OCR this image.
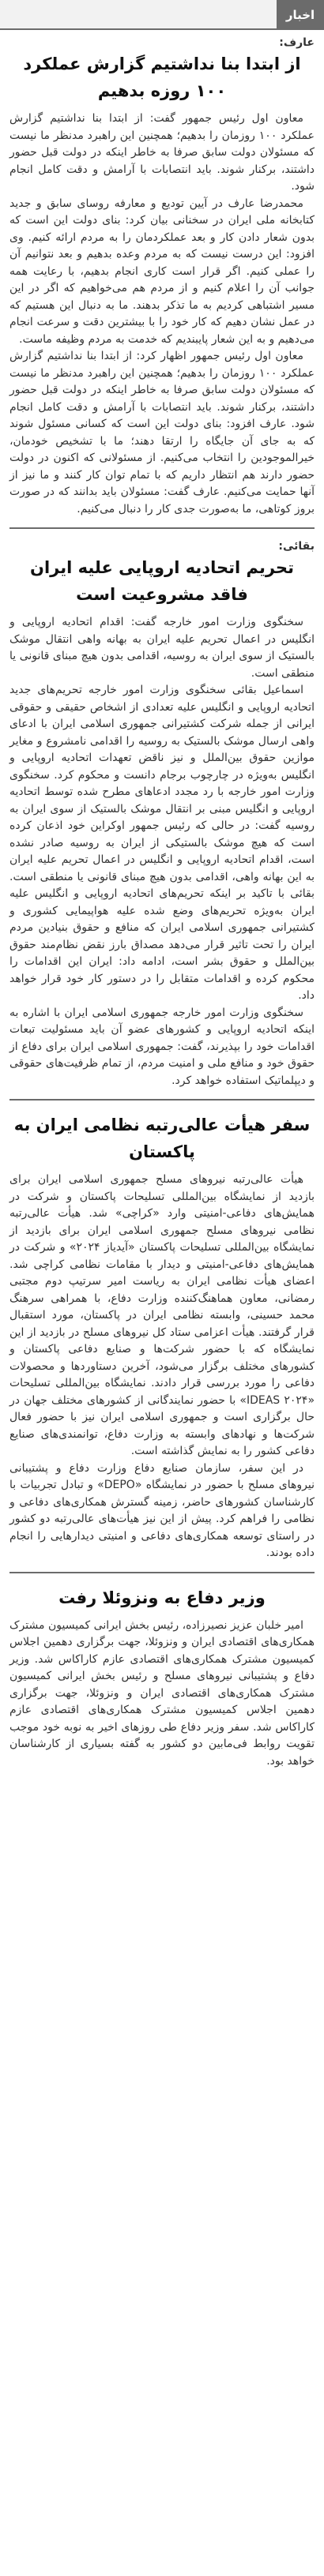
اخبار
عارف:
از ابتدا بنا نداشتیم گزارش عملکرد ۱۰۰ روزه بدهیم

معاون اول رئیس جمهور گفت: از ابتدا بنا نداشتیم گزارش عملکرد ۱۰۰ روزمان را بدهیم؛ همچنین این راهبرد مدنظر ما نیست که مسئولان دولت سابق صرفا به خاطر اینکه در دولت قبل حضور داشتند، برکنار شوند. باید انتصابات با آرامش و دقت کامل انجام شود.

محمدرضا عارف در آیین تودیع و معارفه روسای سابق و جدید کتابخانه ملی ایران در سخنانی بیان کرد: بنای دولت این است که بدون شعار دادن کار و بعد عملکردمان را به مردم ارائه کنیم. وی افزود: این درست نیست که به مردم وعده بدهیم و بعد نتوانیم آن را عملی کنیم. اگر قرار است کاری انجام بدهیم، با رعایت همه جوانب آن را اعلام کنیم و از مردم هم می‌خواهیم که اگر در این مسیر اشتباهی کردیم به ما تذکر بدهند. ما به دنبال این هستیم که در عمل نشان دهیم که کار خود را با بیشترین دقت و سرعت انجام می‌دهیم و به این شعار پایبندیم که خدمت به مردم وظیفه ماست.

معاون اول رئیس جمهور اظهار کرد: از ابتدا بنا نداشتیم گزارش عملکرد ۱۰۰ روزمان را بدهیم؛ همچنین این راهبرد مدنظر ما نیست که مسئولان دولت سابق صرفا به خاطر اینکه در دولت قبل حضور داشتند، برکنار شوند. باید انتصابات با آرامش و دقت کامل انجام شود. عارف افزود: بنای دولت این است که کسانی مسئول شوند که به جای آن جایگاه را ارتقا دهند؛ ما با تشخیص خودمان، خیرالموجودین را انتخاب می‌کنیم. از مسئولانی که اکنون در دولت حضور دارند هم انتظار داریم که با تمام توان کار کنند و ما نیز از آنها حمایت می‌کنیم. عارف گفت: مسئولان باید بدانند که در صورت بروز کوتاهی، ما به‌صورت جدی کار را دنبال می‌کنیم.

بقائی:
تحریم اتحادیه اروپایی علیه ایران فاقد مشروعیت است

سخنگوی وزارت امور خارجه گفت: اقدام اتحادیه اروپایی و انگلیس در اعمال تحریم علیه ایران به بهانه واهی انتقال موشک بالستیک از سوی ایران به روسیه، اقدامی بدون هیچ مبنای قانونی یا منطقی است.

اسماعیل بقائی سخنگوی وزارت امور خارجه تحریم‌های جدید اتحادیه اروپایی و انگلیس علیه تعدادی از اشخاص حقیقی و حقوقی ایرانی از جمله شرکت کشتیرانی جمهوری اسلامی ایران با ادعای واهی ارسال موشک بالستیک به روسیه را اقدامی نامشروع و مغایر موازین حقوق بین‌الملل و نیز ناقض تعهدات اتحادیه اروپایی و انگلیس به‌ویژه در چارچوب برجام دانست و محکوم کرد. سخنگوی وزارت امور خارجه با رد مجدد ادعاهای مطرح شده توسط اتحادیه اروپایی و انگلیس مبنی بر انتقال موشک بالستیک از سوی ایران به روسیه گفت: در حالی که رئیس جمهور اوکراین خود اذعان کرده است که هیچ موشک بالستیکی از ایران به روسیه صادر نشده است، اقدام اتحادیه اروپایی و انگلیس در اعمال تحریم علیه ایران به این بهانه واهی، اقدامی بدون هیچ مبنای قانونی یا منطقی است. بقائی با تاکید بر اینکه تحریم‌های اتحادیه اروپایی و انگلیس علیه ایران به‌ویژه تحریم‌های وضع شده علیه هواپیمایی کشوری و کشتیرانی جمهوری اسلامی ایران که منافع و حقوق بنیادین مردم ایران را تحت تاثیر قرار می‌دهد مصداق بارز نقض نظام‌مند حقوق بین‌الملل و حقوق بشر است، ادامه داد: ایران این اقدامات را محکوم کرده و اقدامات متقابل را در دستور کار خود قرار خواهد داد.

سخنگوی وزارت امور خارجه جمهوری اسلامی ایران با اشاره به اینکه اتحادیه اروپایی و کشورهای عضو آن باید مسئولیت تبعات اقدامات خود را بپذیرند، گفت: جمهوری اسلامی ایران برای دفاع از حقوق خود و منافع ملی و امنیت مردم، از تمام ظرفیت‌های حقوقی و دیپلماتیک استفاده خواهد کرد.

سفر هیأت عالی‌رتبه نظامی ایران به پاکستان

هیأت عالی‌رتبه نیروهای مسلح جمهوری اسلامی ایران برای بازدید از نمایشگاه بین‌المللی تسلیحات پاکستان و شرکت در همایش‌های دفاعی-امنیتی وارد «کراچی» شد. هیأت عالی‌رتبه نظامی نیروهای مسلح جمهوری اسلامی ایران برای بازدید از نمایشگاه بین‌المللی تسلیحات پاکستان «آیدیاز ۲۰۲۴» و شرکت در همایش‌های دفاعی-امنیتی و دیدار با مقامات نظامی کراچی شد. اعضای هیأت نظامی ایران به ریاست امیر سرتیپ دوم مجتبی رمضانی، معاون هماهنگ‌کننده وزارت دفاع، با همراهی سرهنگ محمد حسینی، وابسته نظامی ایران در پاکستان، مورد استقبال قرار گرفتند. هیأت اعزامی ستاد کل نیروهای مسلح در بازدید از این نمایشگاه که با حضور شرکت‌ها و صنایع دفاعی پاکستان و کشورهای مختلف برگزار می‌شود، آخرین دستاوردها و محصولات دفاعی را مورد بررسی قرار دادند. نمایشگاه بین‌المللی تسلیحات «IDEAS ۲۰۲۴» با حضور نمایندگانی از کشورهای مختلف جهان در حال برگزاری است و جمهوری اسلامی ایران نیز با حضور فعال شرکت‌ها و نهادهای وابسته به وزارت دفاع، توانمندی‌های صنایع دفاعی کشور را به نمایش گذاشته است.

در این سفر، سازمان صنایع دفاع وزارت دفاع و پشتیبانی نیروهای مسلح با حضور در نمایشگاه «DEPO» و تبادل تجربیات با کارشناسان کشورهای حاضر، زمینه گسترش همکاری‌های دفاعی و نظامی را فراهم کرد. پیش از این نیز هیأت‌های عالی‌رتبه دو کشور در راستای توسعه همکاری‌های دفاعی و امنیتی دیدارهایی را انجام داده بودند.

وزیر دفاع به ونزوئلا رفت

امیر خلبان عزیز نصیرزاده، رئیس بخش ایرانی کمیسیون مشترک همکاری‌های اقتصادی ایران و ونزوئلا، جهت برگزاری دهمین اجلاس کمیسیون مشترک همکاری‌های اقتصادی عازم کاراکاس شد. وزیر دفاع و پشتیبانی نیروهای مسلح و رئیس بخش ایرانی کمیسیون مشترک همکاری‌های اقتصادی ایران و ونزوئلا، جهت برگزاری دهمین اجلاس کمیسیون مشترک همکاری‌های اقتصادی عازم کاراکاس شد. سفر وزیر دفاع طی روزهای اخیر به نوبه خود موجب تقویت روابط فی‌مابین دو کشور به گفته بسیاری از کارشناسان خواهد بود.
